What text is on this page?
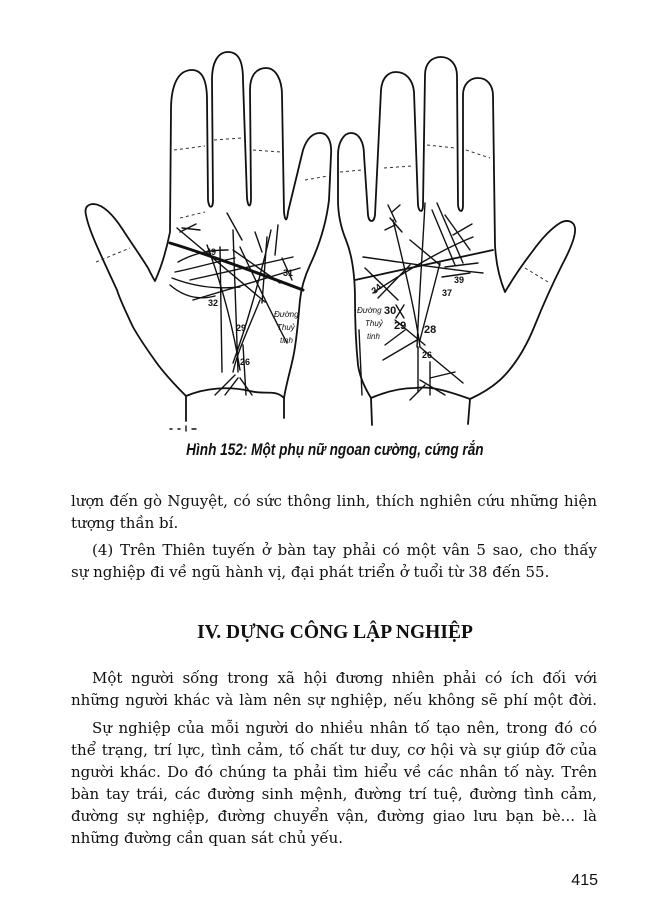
49
31
32
29
26
Đường
Thuỷ
tinh
34
39
37
Đường 30
Thuỷ 29 28
tinh
26
Hình 152: Một phụ nữ ngoan cường, cứng rắn
lượn đến gò Nguyệt, có sức thông linh, thích nghiên cứu những hiện
tượng thần bí.
(4) Trên Thiên tuyến ở bàn tay phải có một vân 5 sao, cho thấy
sự nghiệp đi về ngũ hành vị, đại phát triển ở tuổi từ 38 đến 55.
IV. DỰNG CÔNG LẬP NGHIỆP
Một người sống trong xã hội đương nhiên phải có ích đối với
những người khác và làm nên sự nghiệp, nếu không sẽ phí một đời.
Sự nghiệp của mỗi người do nhiều nhân tố tạo nên, trong đó có
thể trạng, trí lực, tình cảm, tố chất tư duy, cơ hội và sự giúp đỡ của
người khác. Do đó chúng ta phải tìm hiểu về các nhân tố này. Trên
bàn tay trái, các đường sinh mệnh, đường trí tuệ, đường tình cảm,
đường sự nghiệp, đường chuyển vận, đường giao lưu bạn bè... là
những đường cần quan sát chủ yếu.
415
